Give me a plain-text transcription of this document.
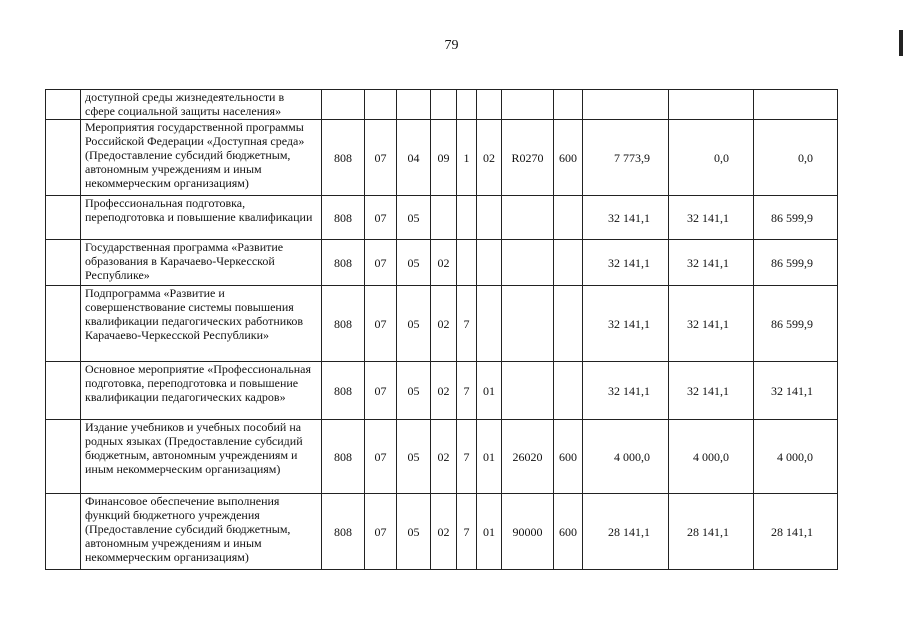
79
	доступной среды жизнедеятельности в сфере социальной защиты населения»											
	Мероприятия государственной программы Российской Федерации «Доступная среда» (Предоставление субсидий бюджетным, автономным учреждениям и иным некоммерческим организациям)	808	07	04	09	1	02	R0270	600	7 773,9	0,0	0,0
	Профессиональная подготовка, переподготовка и повышение квалификации	808	07	05						32 141,1	32 141,1	86 599,9
	Государственная программа «Развитие образования в Карачаево-Черкесской Республике»	808	07	05	02					32 141,1	32 141,1	86 599,9
	Подпрограмма «Развитие и совершенствование системы повышения квалификации педагогических работников Карачаево-Черкесской Республики»	808	07	05	02	7				32 141,1	32 141,1	86 599,9
	Основное мероприятие «Профессиональная подготовка, переподготовка и повышение квалификации педагогических кадров»	808	07	05	02	7	01			32 141,1	32 141,1	32 141,1
	Издание учебников и учебных пособий на родных языках (Предоставление субсидий бюджетным, автономным учреждениям и иным некоммерческим организациям)	808	07	05	02	7	01	26020	600	4 000,0	4 000,0	4 000,0
	Финансовое обеспечение выполнения функций бюджетного учреждения (Предоставление субсидий бюджетным, автономным учреждениям и иным некоммерческим организациям)	808	07	05	02	7	01	90000	600	28 141,1	28 141,1	28 141,1
